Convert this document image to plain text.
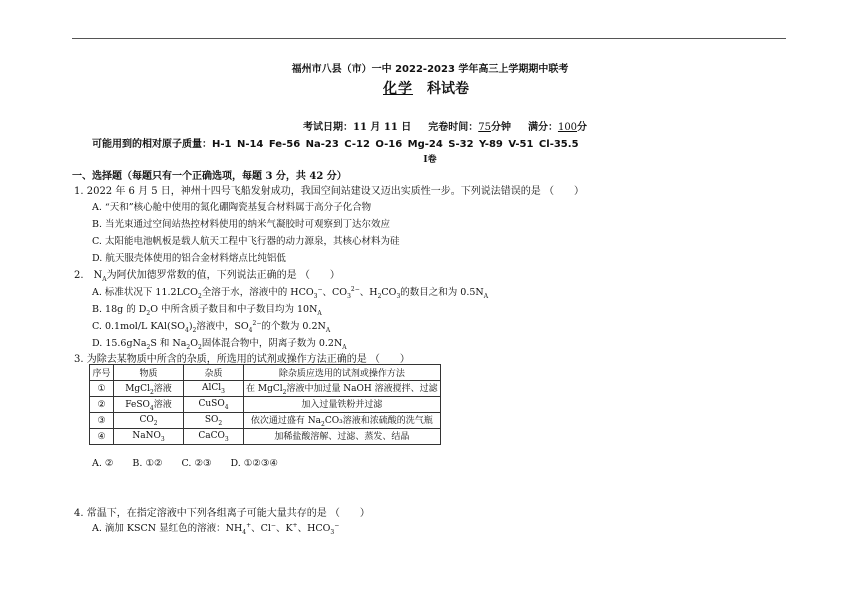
福州市八县（市）一中 2022-2023 学年高三上学期期中联考
化学　 科试卷
考试日期：11 月 11 日 　 完卷时间：75分钟 　 满分：100分
可能用到的相对原子质量：H-1 N-14 Fe-56 Na-23 C-12 O-16 Mg-24 S-32 Y-89 V-51 Cl-35.5
I卷
一、选择题（每题只有一个正确选项，每题 3 分，共 42 分）
1. 2022 年 6 月 5 日，神州十四号飞船发射成功，我国空间站建设又迈出实质性一步。下列说法错误的是 （　　）
A. “天和”核心舱中使用的氮化硼陶瓷基复合材料属于高分子化合物
B. 当光束通过空间站热控材料使用的纳米气凝胶时可观察到丁达尔效应
C. 太阳能电池帆板是载人航天工程中飞行器的动力源泉，其核心材料为硅
D. 航天服壳体使用的铝合金材料熔点比纯铝低
2.　 $N_A$为阿伏加德罗常数的值，下列说法正确的是 （　　）
A. 标准状况下 $11.2LCO_2$全溶于水，溶液中的 $HCO_3^-$、$CO_3^{2-}$、$H_2CO_3$的数目之和为 $0.5N_A$
B. 18g 的 $D_2O$ 中所含质子数目和中子数目均为 $10N_A$
C. 0.1mol/L $KAl(SO_4)_2$溶液中，$SO_4^{2-}$的个数为 $0.2N_A$
D. 15.6gNa$_2$S 和 $Na_2O_2$固体混合物中，阴离子数为 $0.2N_A$
3. 为除去某物质中所含的杂质，所选用的试剂或操作方法正确的是 （　　）
序号	物质	杂质	除杂质应选用的试剂或操作方法
①	MgCl$_2$溶液	AlCl$_3$	在 MgCl$_2$溶液中加过量 NaOH 溶液搅拌、过滤
②	FeSO$_4$溶液	CuSO$_4$	加入过量铁粉并过滤
③	$CO_2$	$SO_2$	依次通过盛有 $Na_2CO_3$溶液和浓硫酸的洗气瓶
④	NaNO$_3$	CaCO$_3$	加稀盐酸溶解、过滤、蒸发、结晶
A. ②　　B. ①②　　C. ②③　　D. ①②③④
4. 常温下，在指定溶液中下列各组离子可能大量共存的是 （　　）
A. 滴加 KSCN 显红色的溶液：$NH_4^+$、Cl−、K+、$HCO_3^-$
